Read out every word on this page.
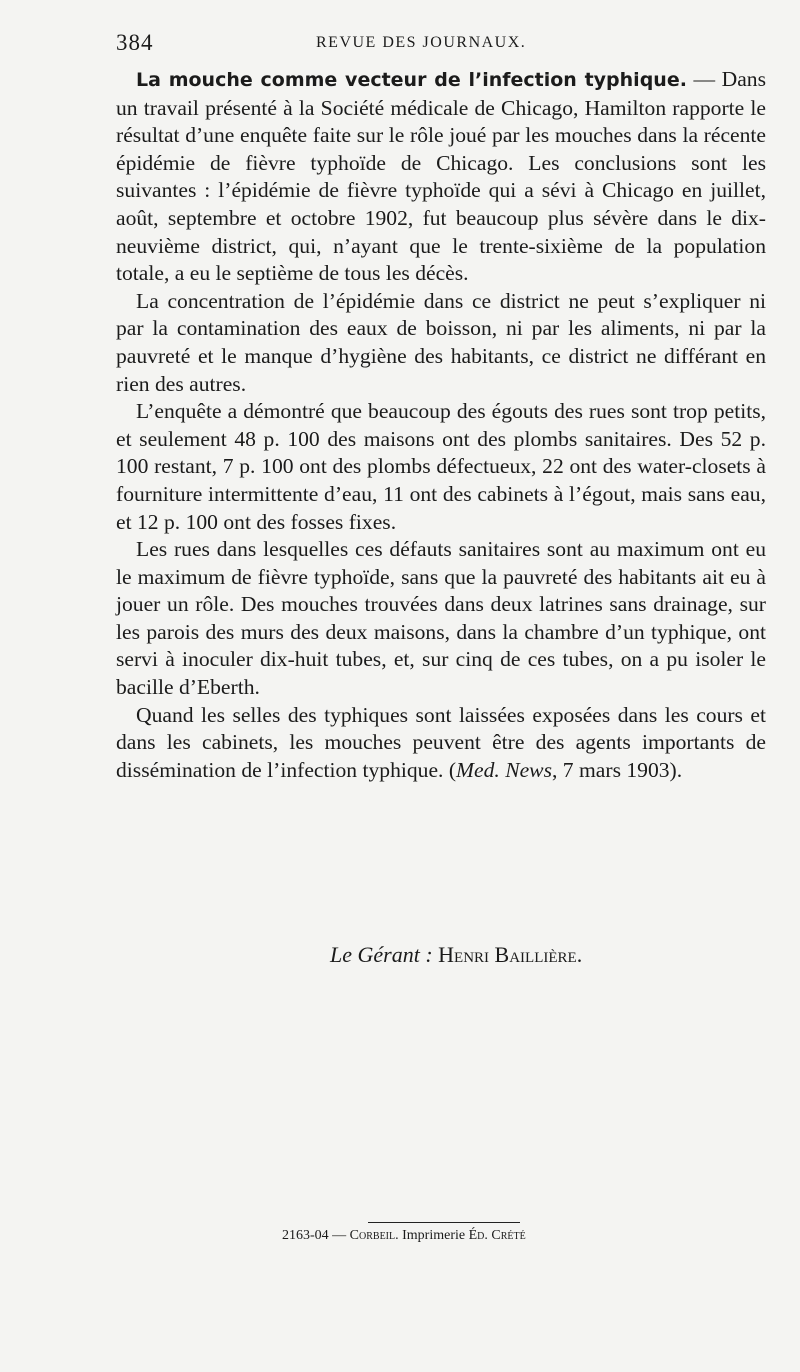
384	REVUE DES JOURNAUX.

La mouche comme vecteur de l’infection typhique. — Dans un travail présenté à la Société médicale de Chicago, Hamilton rapporte le résultat d’une enquête faite sur le rôle joué par les mouches dans la récente épidémie de fièvre typhoïde de Chicago. Les conclusions sont les suivantes : l’épidémie de fièvre typhoïde qui a sévi à Chicago en juillet, août, septembre et octobre 1902, fut beaucoup plus sévère dans le dix-neuvième district, qui, n’ayant que le trente-sixième de la population totale, a eu le septième de tous les décès.

La concentration de l’épidémie dans ce district ne peut s’expliquer ni par la contamination des eaux de boisson, ni par les aliments, ni par la pauvreté et le manque d’hygiène des habitants, ce district ne différant en rien des autres.

L’enquête a démontré que beaucoup des égouts des rues sont trop petits, et seulement 48 p. 100 des maisons ont des plombs sanitaires. Des 52 p. 100 restant, 7 p. 100 ont des plombs défectueux, 22 ont des water-closets à fourniture intermittente d’eau, 11 ont des cabinets à l’égout, mais sans eau, et 12 p. 100 ont des fosses fixes.

Les rues dans lesquelles ces défauts sanitaires sont au maximum ont eu le maximum de fièvre typhoïde, sans que la pauvreté des habitants ait eu à jouer un rôle. Des mouches trouvées dans deux latrines sans drainage, sur les parois des murs des deux maisons, dans la chambre d’un typhique, ont servi à inoculer dix-huit tubes, et, sur cinq de ces tubes, on a pu isoler le bacille d’Eberth.

Quand les selles des typhiques sont laissées exposées dans les cours et dans les cabinets, les mouches peuvent être des agents importants de dissémination de l’infection typhique. (Med. News, 7 mars 1903).

Le Gérant : Henri Baillière.
2163-04 — Corbeil. Imprimerie Éd. Crété
